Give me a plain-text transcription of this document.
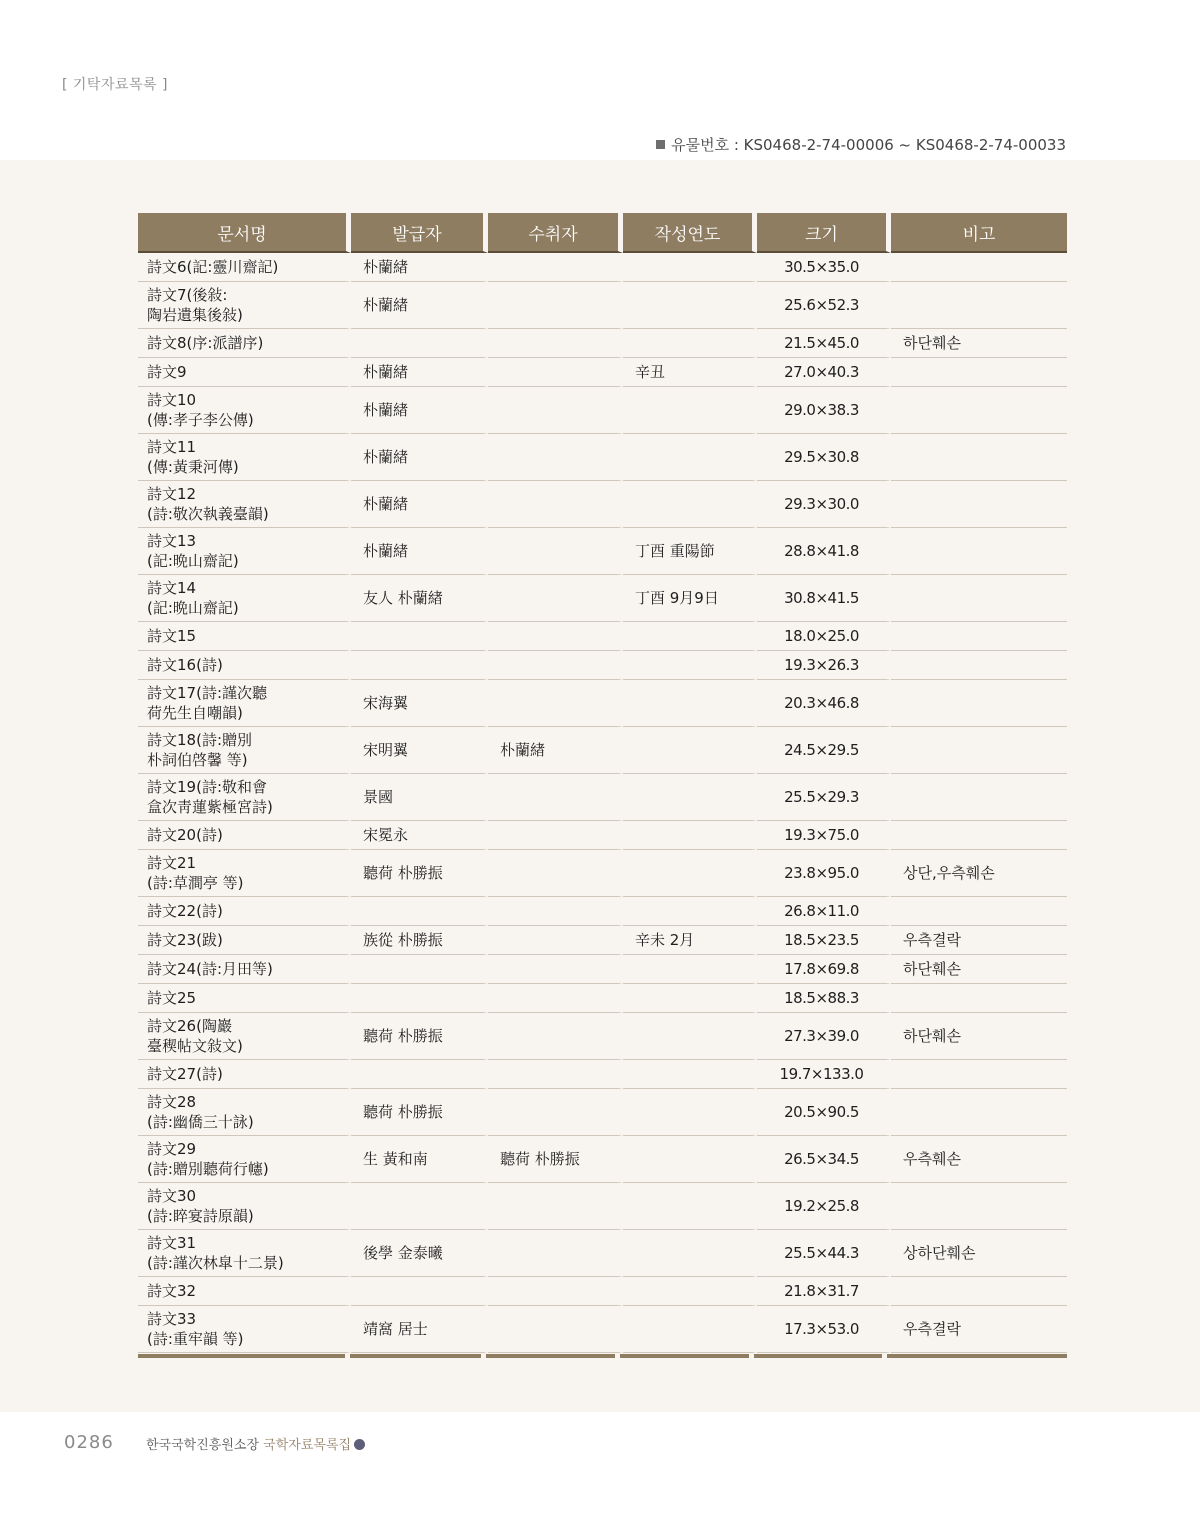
[ 기탁자료목록 ]
유물번호 : KS0468-2-74-00006 ~ KS0468-2-74-00033
문서명	발급자	수취자	작성연도	크기	비고

詩文6(記:靈川齋記)	朴蘭緖			30.5×35.0	

詩文7(後敍:
陶岩遺集後敍)	朴蘭緖			25.6×52.3	

詩文8(序:派譜序)				21.5×45.0	하단훼손

詩文9	朴蘭緖		辛丑	27.0×40.3	

詩文10
(傳:孝子李公傳)	朴蘭緖			29.0×38.3	

詩文11
(傳:黃秉河傳)	朴蘭緖			29.5×30.8	

詩文12
(詩:敬次執義臺韻)	朴蘭緖			29.3×30.0	

詩文13
(記:晩山齋記)	朴蘭緖		丁酉 重陽節	28.8×41.8	

詩文14
(記:晩山齋記)	友人 朴蘭緖		丁酉 9月9日	30.8×41.5	

詩文15				18.0×25.0	

詩文16(詩)				19.3×26.3	

詩文17(詩:謹次聽
荷先生自嘲韻)	宋海翼			20.3×46.8	

詩文18(詩:贈別
朴詞伯啓馨 等)	宋明翼	朴蘭緖		24.5×29.5	

詩文19(詩:敬和會
盒次靑蓮紫極宮詩)	景國			25.5×29.3	

詩文20(詩)	宋冕永			19.3×75.0	

詩文21
(詩:草澗亭 等)	聽荷 朴勝振			23.8×95.0	상단,우측훼손

詩文22(詩)				26.8×11.0	

詩文23(跋)	族從 朴勝振		辛未 2月	18.5×23.5	우측결락

詩文24(詩:月田等)				17.8×69.8	하단훼손

詩文25				18.5×88.3	

詩文26(陶巖
臺稧帖文敍文)	聽荷 朴勝振			27.3×39.0	하단훼손

詩文27(詩)				19.7×133.0	

詩文28
(詩:幽僑三十詠)	聽荷 朴勝振			20.5×90.5	

詩文29
(詩:贈別聽荷行幰)	生 黃和南	聽荷 朴勝振		26.5×34.5	우측훼손

詩文30
(詩:睟宴詩原韻)				19.2×25.8	

詩文31
(詩:謹次林皐十二景)	後學 金泰曦			25.5×44.3	상하단훼손

詩文32				21.8×31.7	

詩文33
(詩:重牢韻 等)	靖窩 居士			17.3×53.0	우측결락
0286 한국국학진흥원소장 국학자료목록집
